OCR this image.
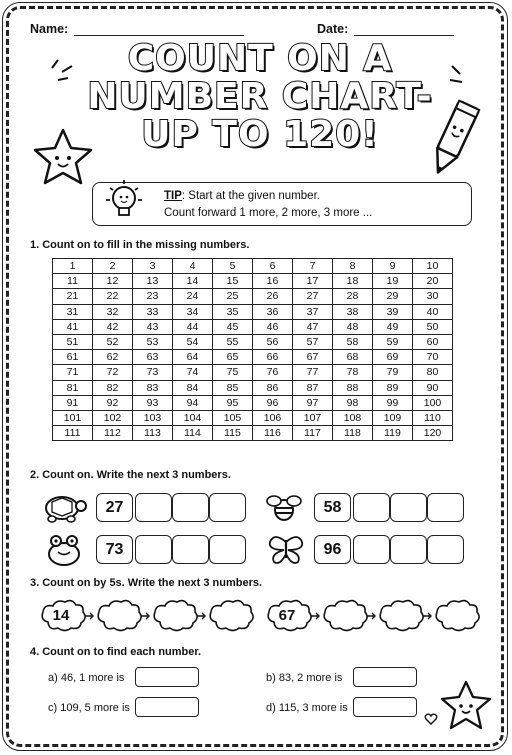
Name:	Date:
COUNT ON A
NUMBER CHART-
UP TO 120!
TIP: Start at the given number.
Count forward 1 more, 2 more, 3 more ...
1. Count on to fill in the missing numbers.
1	2	3	4	5	6	7	8	9	10
11	12	13	14	15	16	17	18	19	20
21	22	23	24	25	26	27	28	29	30
31	32	33	34	35	36	37	38	39	40
41	42	43	44	45	46	47	48	49	50
51	52	53	54	55	56	57	58	59	60
61	62	63	64	65	66	67	68	69	70
71	72	73	74	75	76	77	78	79	80
81	82	83	84	85	86	87	88	89	90
91	92	93	94	95	96	97	98	99	100
101	102	103	104	105	106	107	108	109	110
111	112	113	114	115	116	117	118	119	120
2. Count on. Write the next 3 numbers.
27	58
73	96
3. Count on by 5s. Write the next 3 numbers.
14	67
4. Count on to find each number.
a) 46, 1 more is	b) 83, 2 more is
c) 109, 5 more is	d) 115, 3 more is
